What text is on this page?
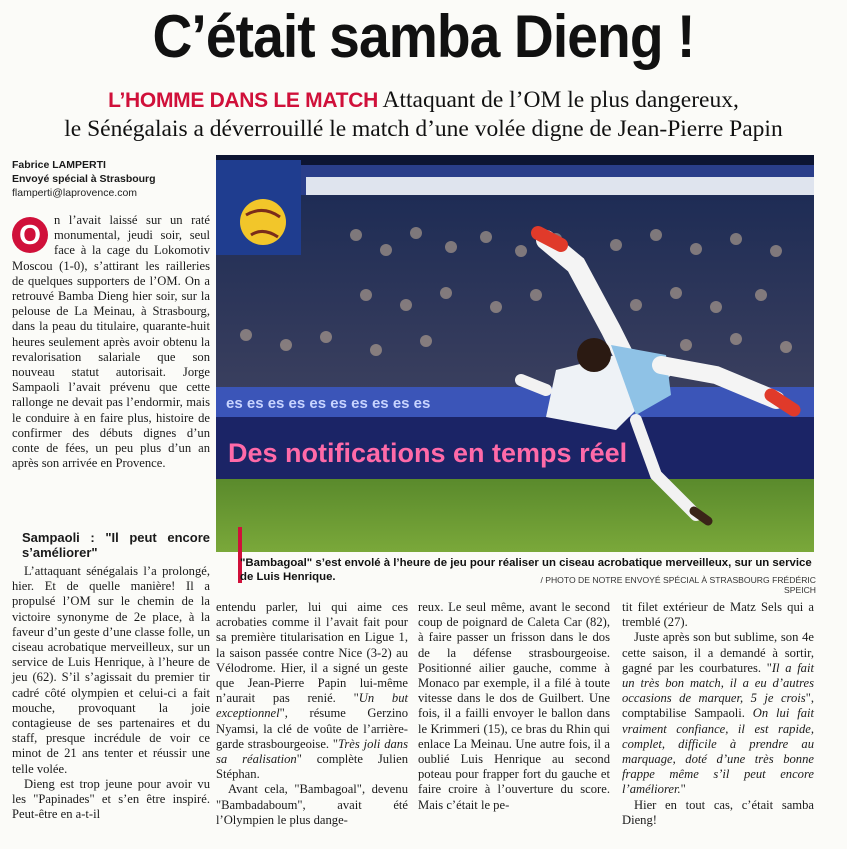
C’était samba Dieng !
L’HOMME DANS LE MATCH Attaquant de l’OM le plus dangereux,
le Sénégalais a déverrouillé le match d’une volée digne de Jean-Pierre Papin
Fabrice LAMPERTI
Envoyé spécial à Strasbourg
flamperti@laprovence.com
O	n l’avait laissé sur un raté monumental, jeudi soir, seul face à la cage du Lokomotiv Moscou (1-0), s’attirant les railleries de quelques supporters de l’OM. On a retrouvé Bamba Dieng hier soir, sur la pelouse de La Meinau, à Strasbourg, dans la peau du titulaire, quarante-huit heures seulement après avoir obtenu la revalorisation salariale que son nouveau statut autorisait. Jorge Sampaoli l’avait prévenu que cette rallonge ne devait pas l’endormir, mais le conduire à en faire plus, histoire de confirmer des débuts dignes d’un conte de fées, un peu plus d’un an après son arrivée en Provence.

Sampaoli : "Il peut encore s’améliorer"

L’attaquant sénégalais l’a prolongé, hier. Et de quelle manière! Il a propulsé l’OM sur le chemin de la victoire synonyme de 2e place, à la faveur d’un geste d’une classe folle, un ciseau acrobatique merveilleux, sur un service de Luis Henrique, à l’heure de jeu (62). S’il s’agissait du premier tir cadré côté olympien et celui-ci a fait mouche, provoquant la joie contagieuse de ses partenaires et du staff, presque incrédule de voir ce minot de 21 ans tenter et réussir une telle volée.

Dieng est trop jeune pour avoir vu les "Papinades" et s’en être inspiré. Peut-être en a-t-il

es es es es es es es es es es
Des notifications en temps réel
"Bambagoal" s’est envolé à l’heure de jeu pour réaliser un ciseau acrobatique merveilleux, sur un service de Luis Henrique.	/ PHOTO DE NOTRE ENVOYÉ SPÉCIAL À STRASBOURG FRÉDÉRIC SPEICH

entendu parler, lui qui aime ces acrobaties comme il l’avait fait pour sa première titularisation en Ligue 1, la saison passée contre Nice (3-2) au Vélodrome. Hier, il a signé un geste que Jean-Pierre Papin lui-même n’aurait pas renié. "Un but exceptionnel", résume Gerzino Nyamsi, la clé de voûte de l’arrière-garde strasbourgeoise. "Très joli dans sa réalisation" complète Julien Stéphan.

Avant cela, "Bambagoal", devenu "Bambadaboum", avait été l’Olympien le plus dange-

reux. Le seul même, avant le second coup de poignard de Caleta Car (82), à faire passer un frisson dans le dos de la défense strasbourgeoise. Positionné ailier gauche, comme à Monaco par exemple, il a filé à toute vitesse dans le dos de Guilbert. Une fois, il a failli envoyer le ballon dans le Krimmeri (15), ce bras du Rhin qui enlace La Meinau. Une autre fois, il a oublié Luis Henrique au second poteau pour frapper fort du gauche et faire croire à l’ouverture du score. Mais c’était le pe-

tit filet extérieur de Matz Sels qui a tremblé (27).

Juste après son but sublime, son 4e cette saison, il a demandé à sortir, gagné par les courbatures. "Il a fait un très bon match, il a eu d’autres occasions de marquer, 5 je crois", comptabilise Sampaoli. On lui fait vraiment confiance, il est rapide, complet, difficile à prendre au marquage, doté d’une très bonne frappe même s’il peut encore l’améliorer."

Hier en tout cas, c’était samba Dieng!
